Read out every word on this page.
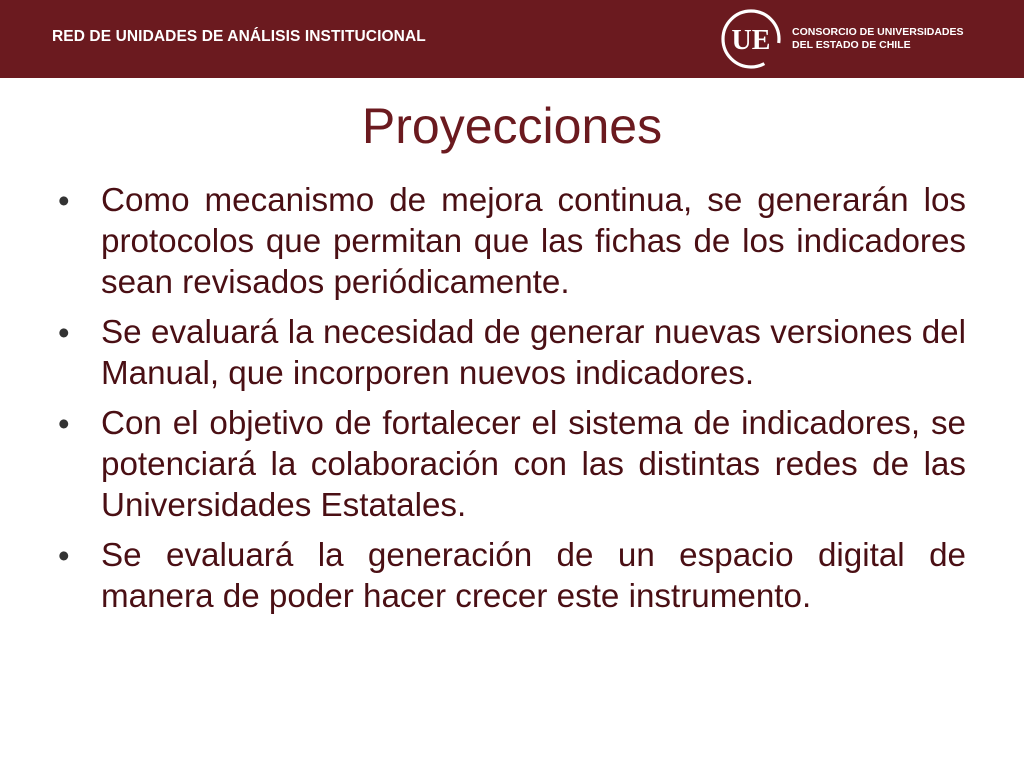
RED DE UNIDADES DE ANÁLISIS INSTITUCIONAL	UE CONSORCIO DE UNIVERSIDADES
DEL ESTADO DE CHILE
Proyecciones
• Como mecanismo de mejora continua, se generarán los protocolos que permitan que las fichas de los indicadores sean revisados periódicamente.
• Se evaluará la necesidad de generar nuevas versiones del Manual, que incorporen nuevos indicadores.
• Con el objetivo de fortalecer el sistema de indicadores, se potenciará la colaboración con las distintas redes de las Universidades Estatales.
• Se evaluará la generación de un espacio digital de manera de poder hacer crecer este instrumento.
